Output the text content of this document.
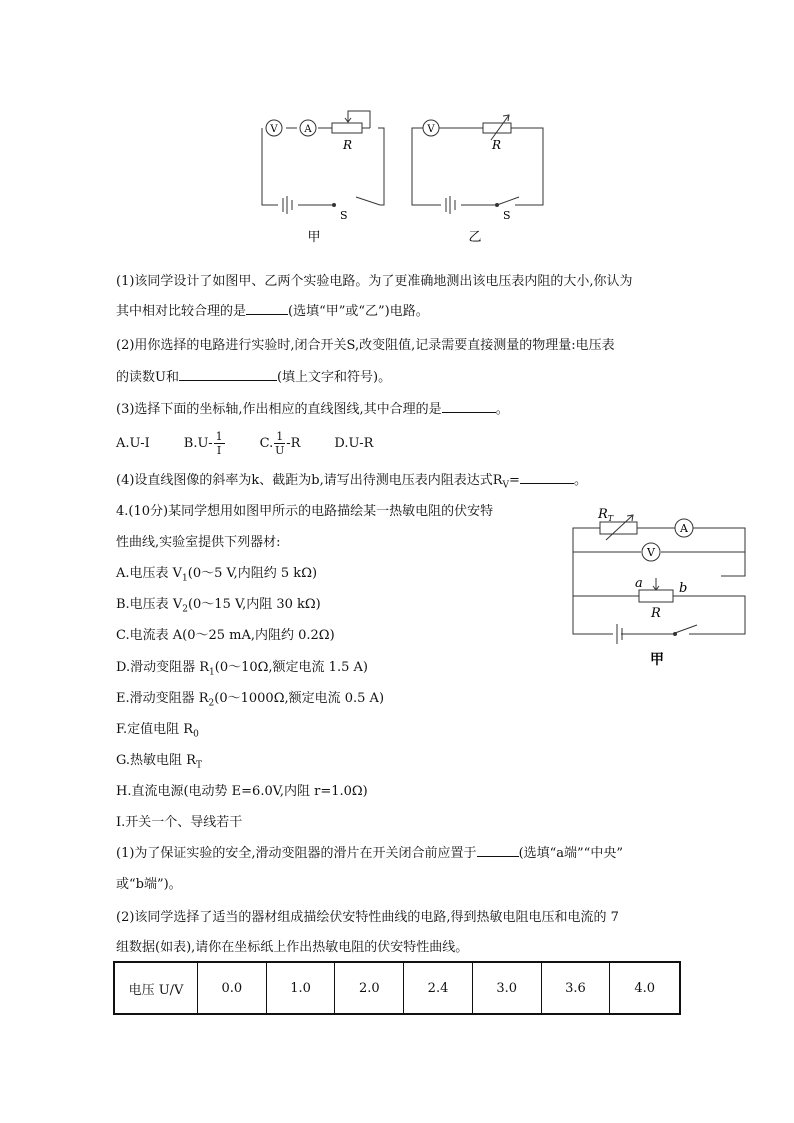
V	A
R
S
甲
V
R
S
乙
(1)该同学设计了如图甲、乙两个实验电路。为了更准确地测出该电压表内阻的大小,你认为
其中相对比较合理的是	(选填“甲”或“乙”)电路。
(2)用你选择的电路进行实验时,闭合开关S,改变阻值,记录需要直接测量的物理量:电压表
的读数U和	(填上文字和符号)。
(3)选择下面的坐标轴,作出相应的直线图线,其中合理的是	。
A.U-I	$B.U- \frac{1}{I}$	C. $\frac{1}{U} -R$	D.U-R
(4)设直线图像的斜率为k、截距为b,请写出待测电压表内阻表达式$R_V=$	。
4.(10分)某同学想用如图甲所示的电路描绘某一热敏电阻的伏安特
性曲线,实验室提供下列器材:
A.电压表 $V_1(0\sim 5$ V,内阻约 5 kΩ)
B.电压表 $V_2(0\sim 15$ V,内阻 30 kΩ)
C.电流表 A(0～25 mA,内阻约 0.2Ω)
D.滑动变阻器 $R_1(0\sim 10\Omega$,额定电流 1.5 A)
E.滑动变阻器 $R_2(0\sim 1000\Omega$,额定电流 0.5 A)
F.定值电阻 $R_0$
G.热敏电阻 $R_T$
H.直流电源(电动势 E=6.0V,内阻 r=1.0Ω)
I.开关一个、导线若干
$R_T$
A
V
a	b
R
甲
(1)为了保证实验的安全,滑动变阻器的滑片在开关闭合前应置于	(选填“a端”“中央”
或“b端”)。
(2)该同学选择了适当的器材组成描绘伏安特性曲线的电路,得到热敏电阻电压和电流的 7
组数据(如表),请你在坐标纸上作出热敏电阻的伏安特性曲线。
电压 U/V	0.0	1.0	2.0	2.4	3.0	3.6	4.0
